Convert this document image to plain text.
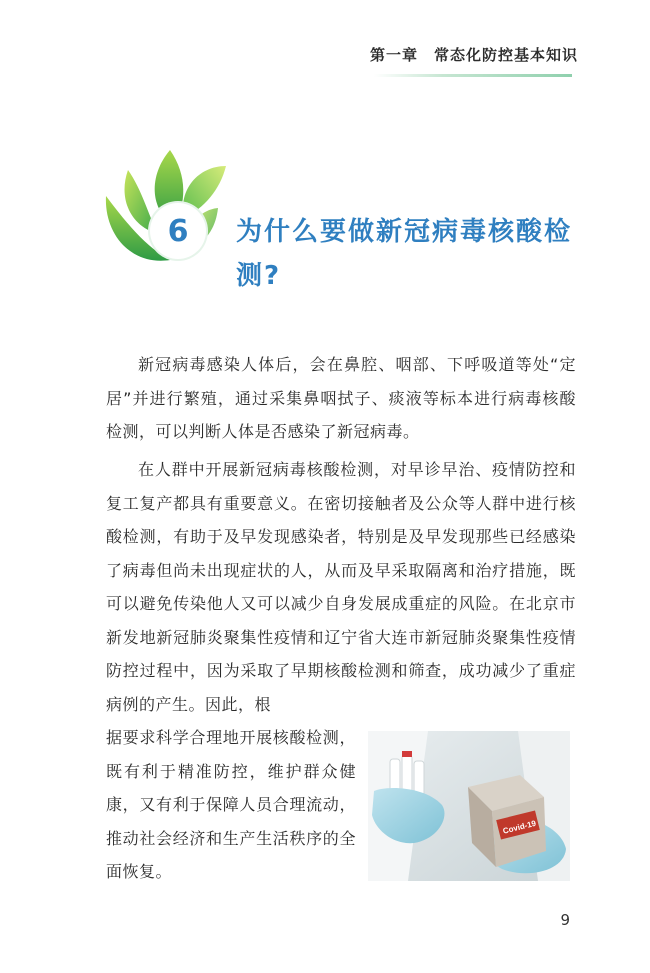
第一章　常态化防控基本知识
6 为什么要做新冠病毒核酸检测?
新冠病毒感染人体后，会在鼻腔、咽部、下呼吸道等处“定居”并进行繁殖，通过采集鼻咽拭子、痰液等标本进行病毒核酸检测，可以判断人体是否感染了新冠病毒。
在人群中开展新冠病毒核酸检测，对早诊早治、疫情防控和复工复产都具有重要意义。在密切接触者及公众等人群中进行核酸检测，有助于及早发现感染者，特别是及早发现那些已经感染了病毒但尚未出现症状的人，从而及早采取隔离和治疗措施，既可以避免传染他人又可以减少自身发展成重症的风险。在北京市新发地新冠肺炎聚集性疫情和辽宁省大连市新冠肺炎聚集性疫情防控过程中，因为采取了早期核酸检测和筛查，成功减少了重症病例的产生。因此，根
据要求科学合理地开展核酸检测，既有利于精准防控，维护群众健康，又有利于保障人员合理流动，推动社会经济和生产生活秩序的全面恢复。
Covid-19
9
